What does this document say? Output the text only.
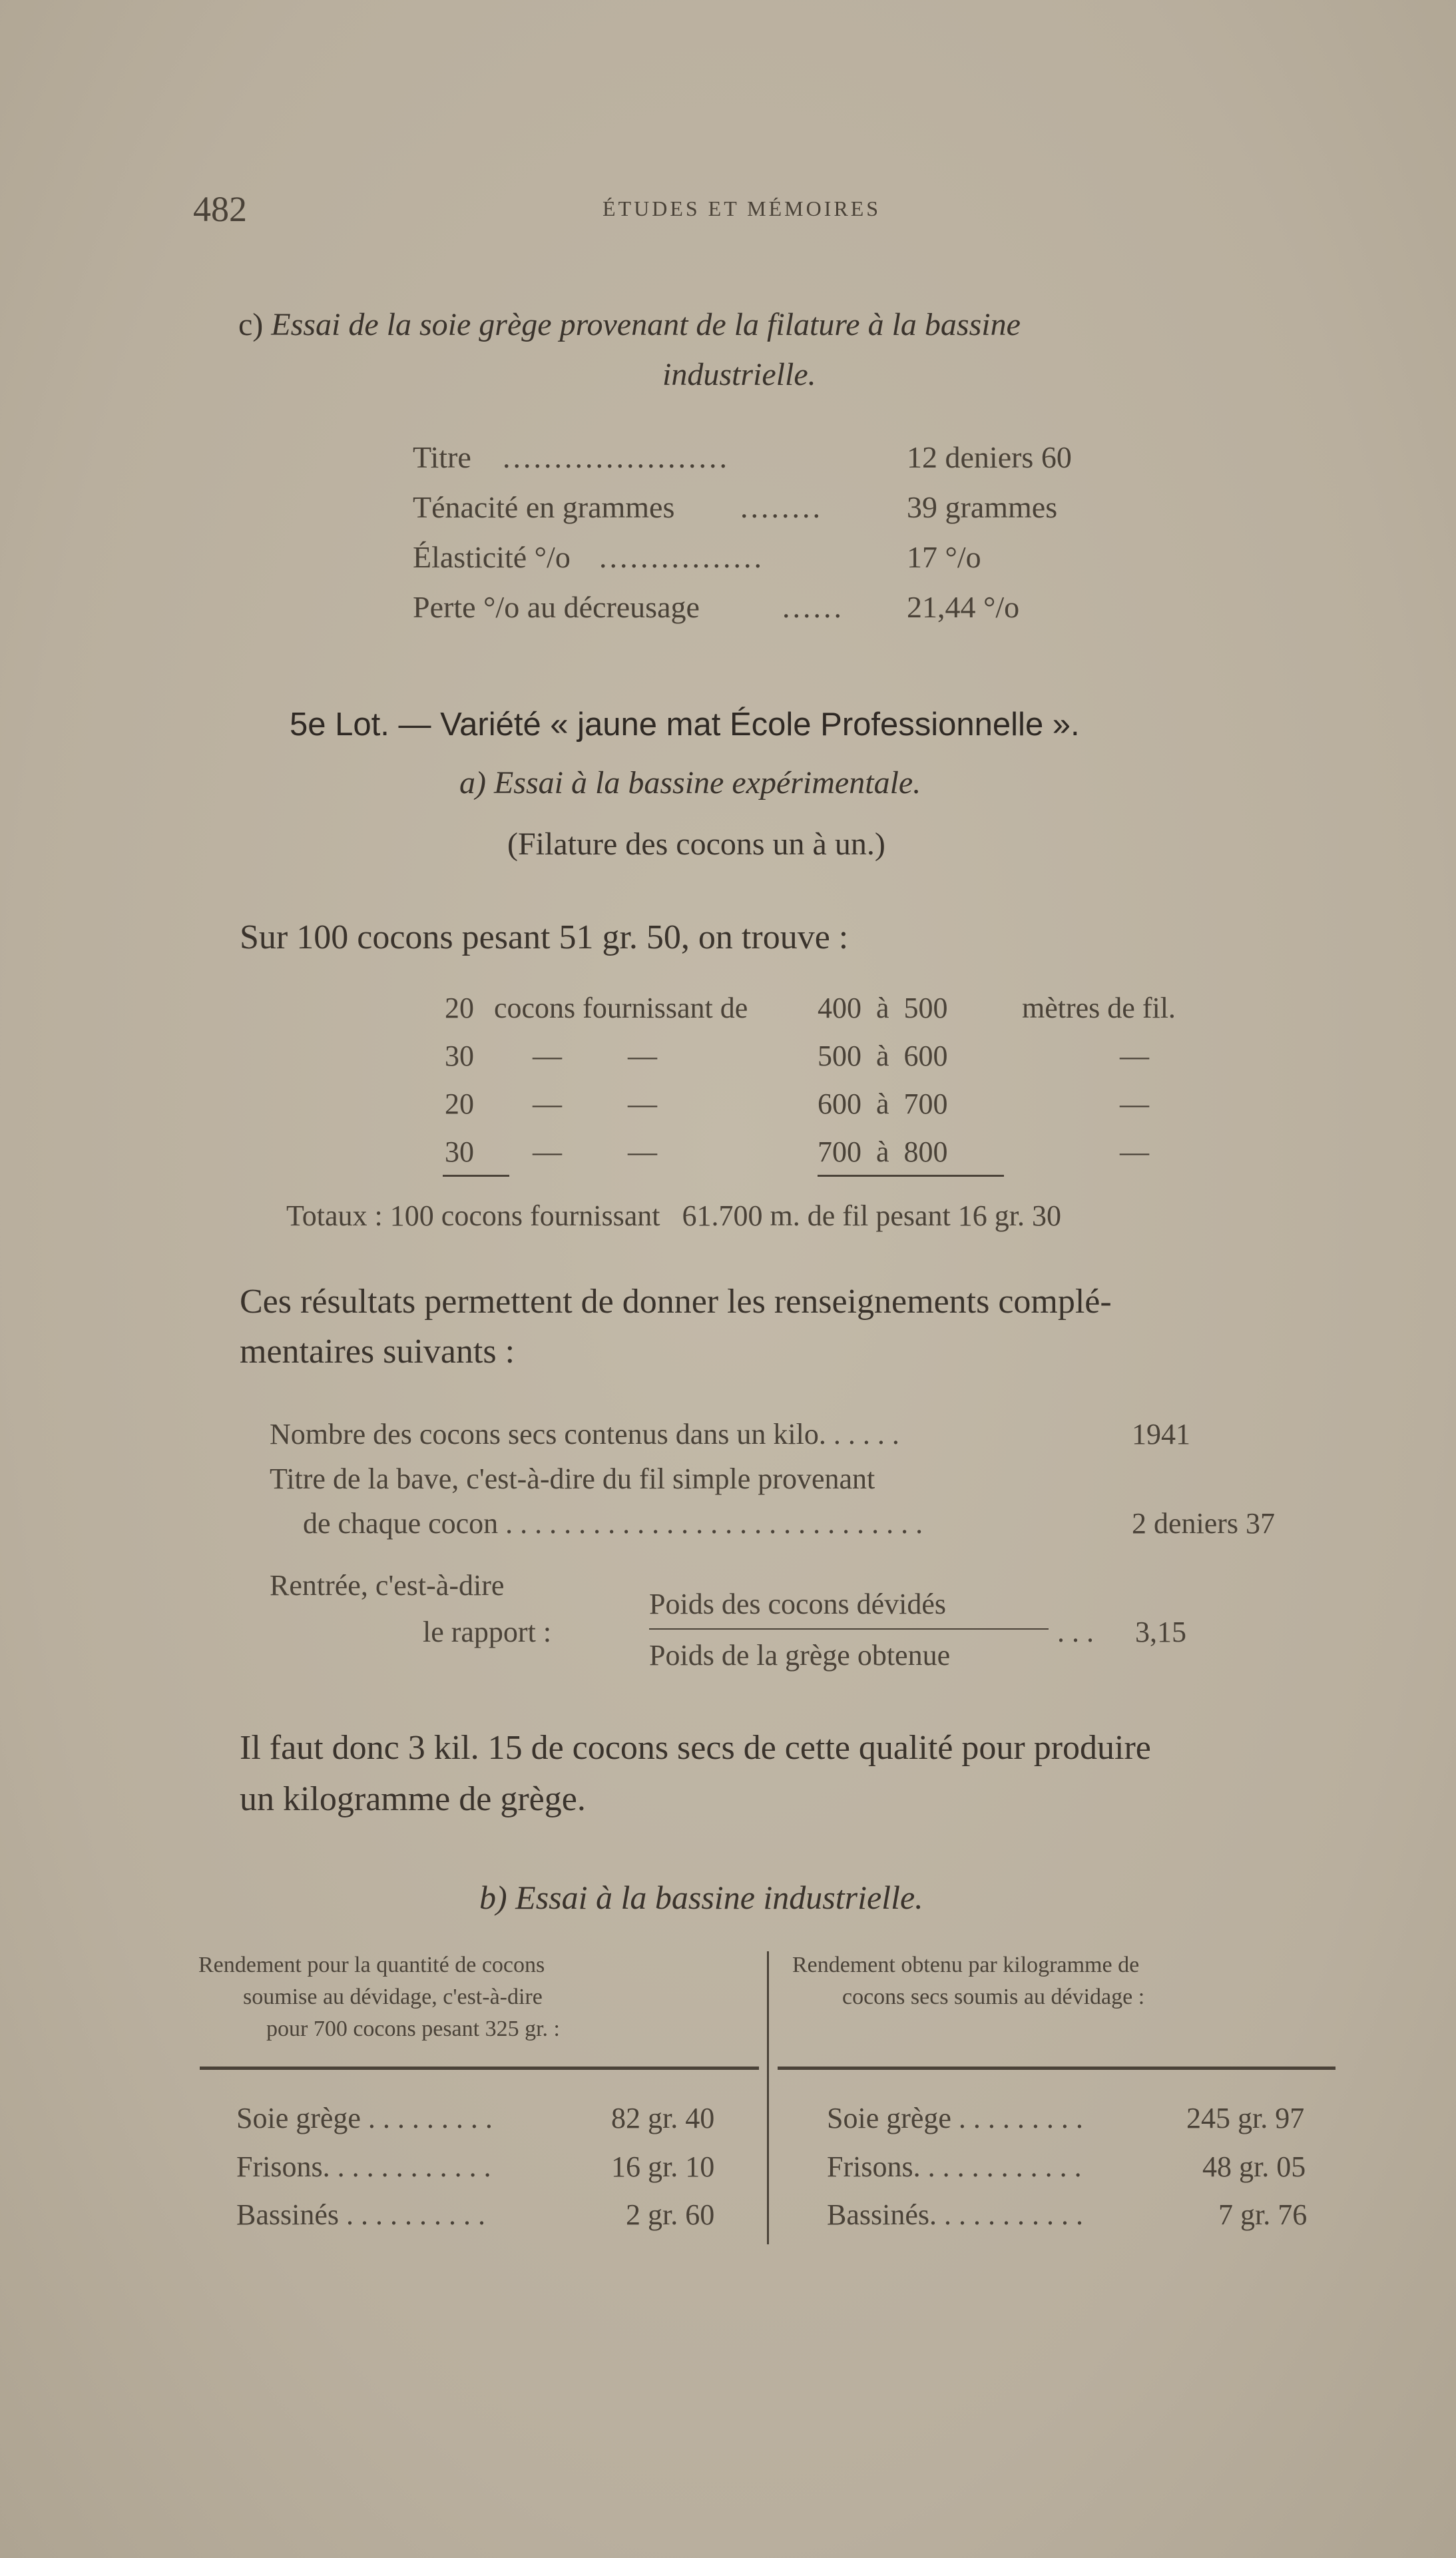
482	ÉTUDES ET MÉMOIRES
c) Essai de la soie grège provenant de la filature à la bassine
industrielle.
Titre ......................	12 deniers 60
Ténacité en grammes ........	39 grammes
Élasticité °/o ................	17 °/o
Perte °/o au décreusage	...... 21,44 °/o
5e Lot. — Variété « jaune mat École Professionnelle ».
a) Essai à la bassine expérimentale.
(Filature des cocons un à un.)
Sur 100 cocons pesant 51 gr. 50, on trouve :
20 cocons fournissant de 400  à  500	mètres de fil.
30 —         —	500  à  600	—
20 —         —	600  à  700	—
30 —         —	700  à  800	—
Totaux : 100 cocons fournissant   61.700 m. de fil pesant 16 gr. 30
Ces résultats permettent de donner les renseignements complé-
mentaires suivants :
Nombre des cocons secs contenus dans un kilo. . . . . .	1941
Titre de la bave, c'est-à-dire du fil simple provenant
de chaque cocon . . . . . . . . . . . . . . . . . . . . . . . . . . . . .	2 deniers 37
Rentrée, c'est-à-dire
le rapport :
Poids des cocons dévidés
Poids de la grège obtenue
. . . 3,15
Il faut donc 3 kil. 15 de cocons secs de cette qualité pour produire
un kilogramme de grège.
b) Essai à la bassine industrielle.
Rendement pour la quantité de cocons
soumise au dévidage, c'est-à-dire
pour 700 cocons pesant 325 gr. :
Rendement obtenu par kilogramme de
cocons secs soumis au dévidage :
Soie grège . . . . . . . . .	82 gr. 40
Frisons. . . . . . . . . . . .	16 gr. 10
Bassinés . . . . . . . . . .	2 gr. 60
Soie grège . . . . . . . . .	245 gr. 97
Frisons. . . . . . . . . . . .	48 gr. 05
Bassinés. . . . . . . . . . .	7 gr. 76
